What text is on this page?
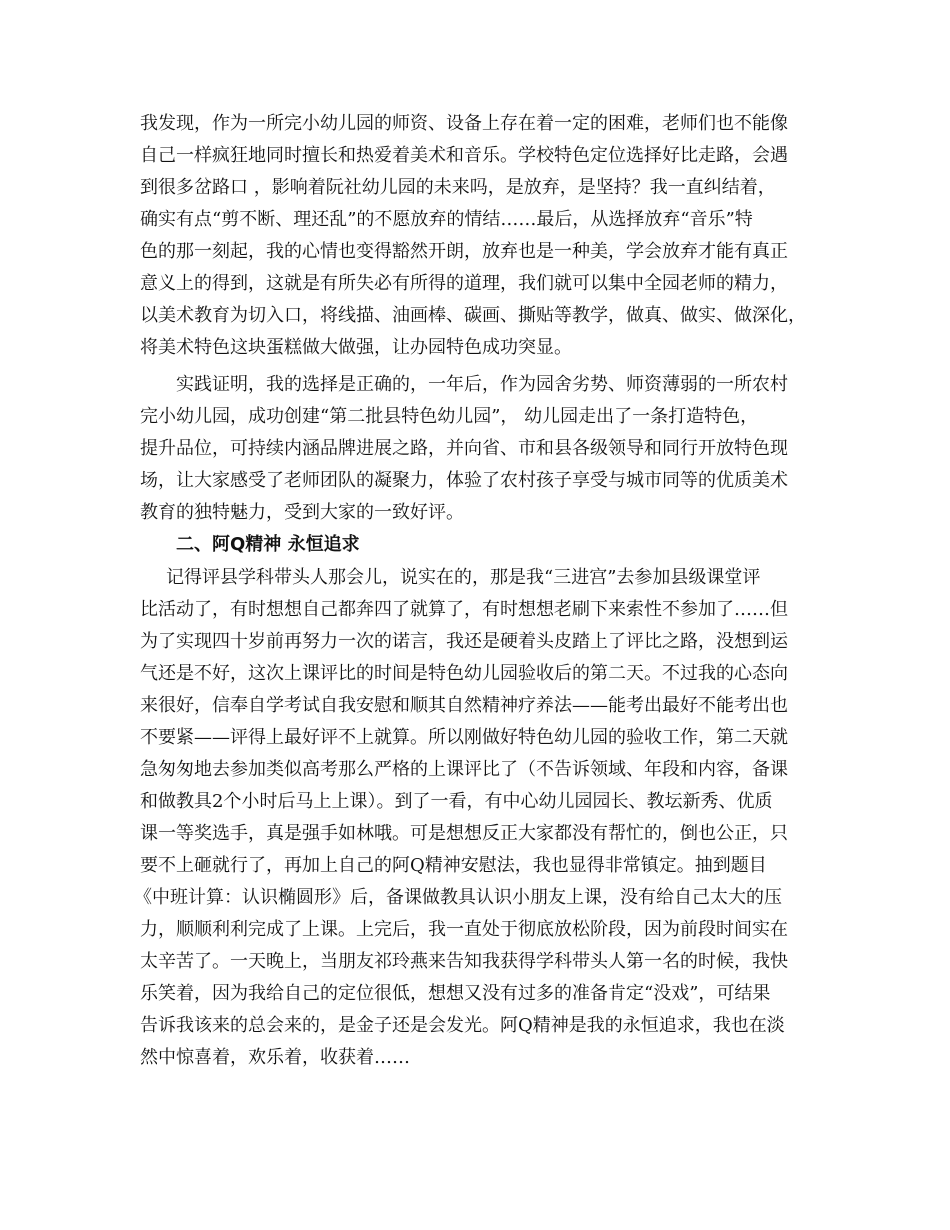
我发现，作为一所完小幼儿园的师资、设备上存在着一定的困难，老师们也不能像
自己一样疯狂地同时擅长和热爱着美术和音乐。学校特色定位选择好比走路，会遇
到很多岔路口 ，影响着阮社幼儿园的未来吗，是放弃，是坚持？我一直纠结着，
确实有点“剪不断、理还乱”的不愿放弃的情结……最后，从选择放弃“音乐”特
色的那一刻起，我的心情也变得豁然开朗，放弃也是一种美，学会放弃才能有真正
意义上的得到，这就是有所失必有所得的道理，我们就可以集中全园老师的精力，
以美术教育为切入口，将线描、油画棒、碳画、撕贴等教学，做真、做实、做深化，
将美术特色这块蛋糕做大做强，让办园特色成功突显。
实践证明，我的选择是正确的，一年后，作为园舍劣势、师资薄弱的一所农村
完小幼儿园，成功创建“第二批县特色幼儿园”， 幼儿园走出了一条打造特色，
提升品位，可持续内涵品牌进展之路，并向省、市和县各级领导和同行开放特色现
场，让大家感受了老师团队的凝聚力，体验了农村孩子享受与城市同等的优质美术
教育的独特魅力，受到大家的一致好评。
二、阿Q精神 永恒追求
记得评县学科带头人那会儿，说实在的，那是我“三进宫”去参加县级课堂评
比活动了，有时想想自己都奔四了就算了，有时想想老刷下来索性不参加了……但
为了实现四十岁前再努力一次的诺言，我还是硬着头皮踏上了评比之路，没想到运
气还是不好，这次上课评比的时间是特色幼儿园验收后的第二天。不过我的心态向
来很好，信奉自学考试自我安慰和顺其自然精神疗养法——能考出最好不能考出也
不要紧——评得上最好评不上就算。所以刚做好特色幼儿园的验收工作，第二天就
急匆匆地去参加类似高考那么严格的上课评比了（不告诉领域、年段和内容，备课
和做教具2个小时后马上上课）。到了一看，有中心幼儿园园长、教坛新秀、优质
课一等奖选手，真是强手如林哦。可是想想反正大家都没有帮忙的，倒也公正，只
要不上砸就行了，再加上自己的阿Q精神安慰法，我也显得非常镇定。抽到题目
《中班计算：认识椭圆形》后，备课做教具认识小朋友上课，没有给自己太大的压
力，顺顺利利完成了上课。上完后，我一直处于彻底放松阶段，因为前段时间实在
太辛苦了。一天晚上，当朋友祁玲燕来告知我获得学科带头人第一名的时候，我快
乐笑着，因为我给自己的定位很低，想想又没有过多的准备肯定“没戏”，可结果
告诉我该来的总会来的，是金子还是会发光。阿Q精神是我的永恒追求，我也在淡
然中惊喜着，欢乐着，收获着……
